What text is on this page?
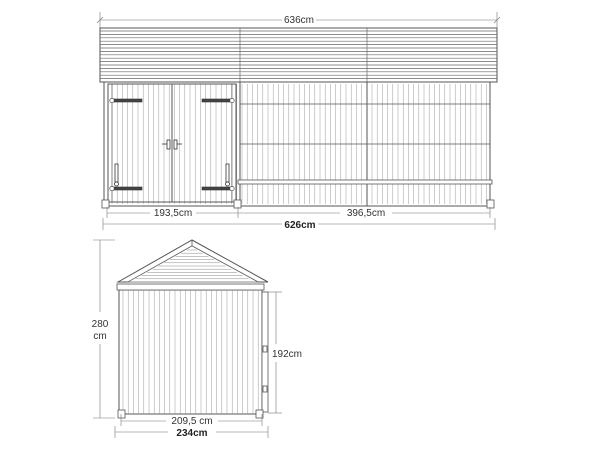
636cm
193,5cm	396,5cm
626cm
280
cm
192cm
209,5 cm
234cm
